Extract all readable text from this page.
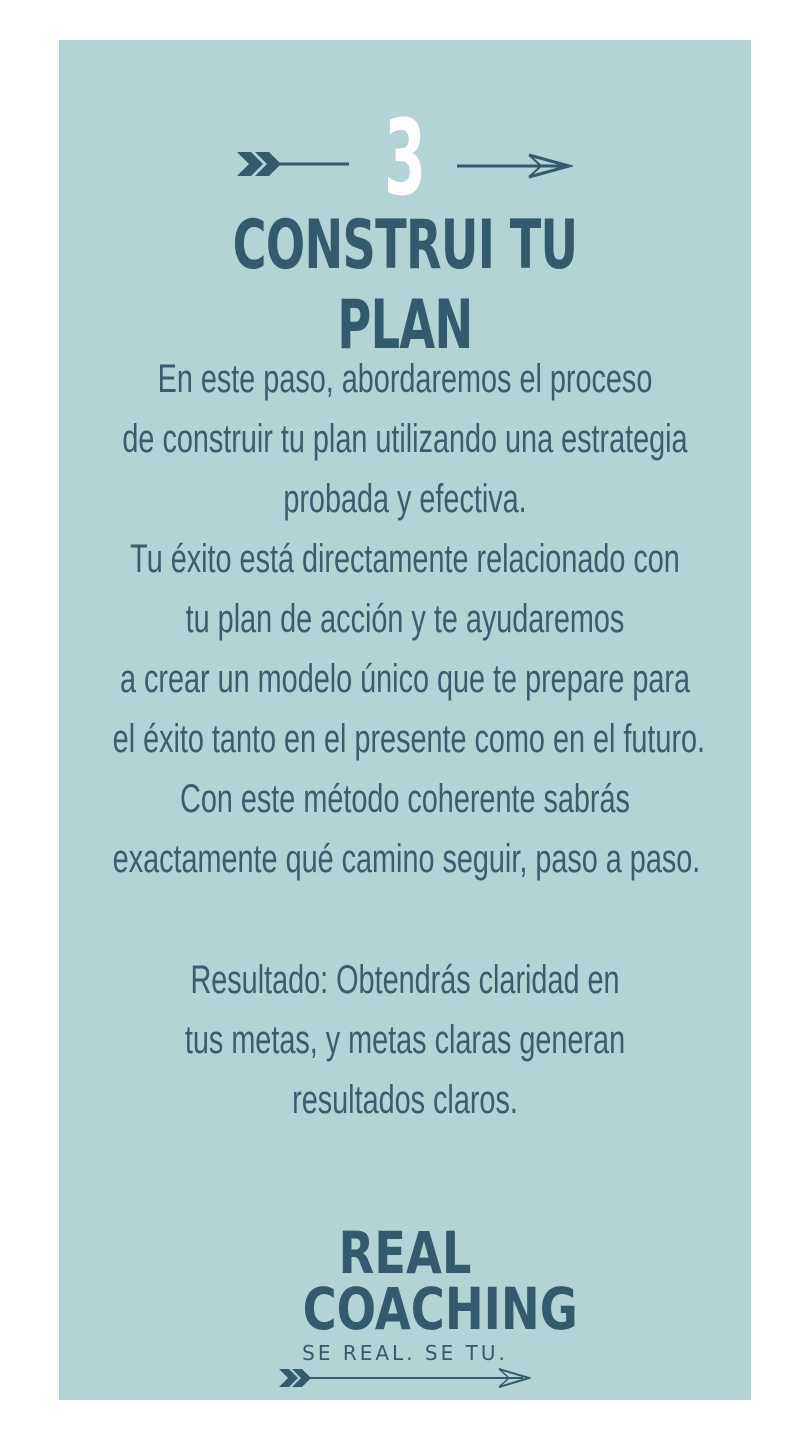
3
CONSTRUI TU PLAN

En este paso, abordaremos el proceso
de construir tu plan utilizando una estrategia
probada y efectiva.
Tu éxito está directamente relacionado con
tu plan de acción y te ayudaremos
a crear un modelo único que te prepare para
el éxito tanto en el presente como en el futuro.
Con este método coherente sabrás
exactamente qué camino seguir, paso a paso.

Resultado: Obtendrás claridad en
tus metas, y metas claras generan
resultados claros.

REAL
COACHING
SE REAL. SE TU.
